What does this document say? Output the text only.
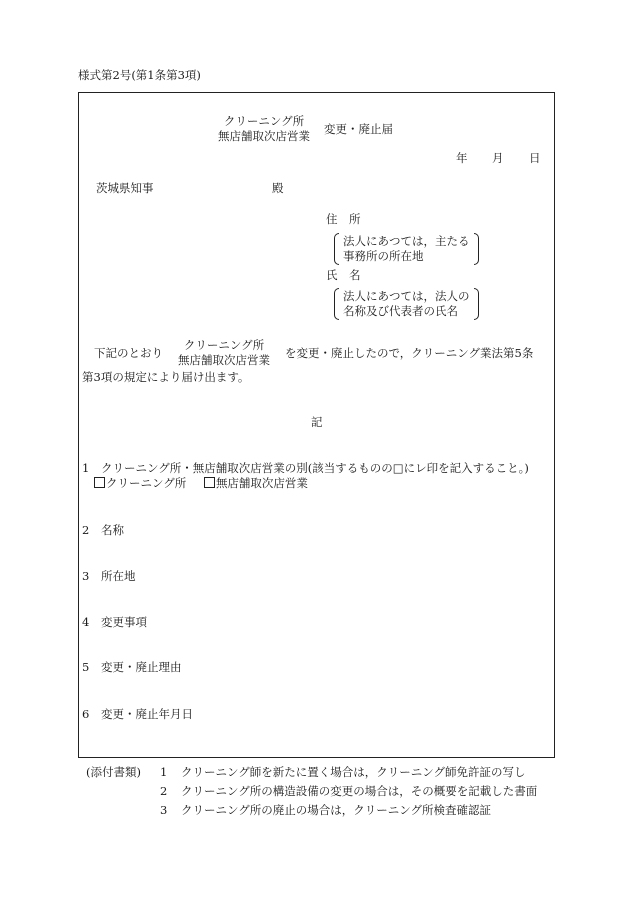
様式第2号(第1条第3項)
クリーニング所
無店舗取次店営業 変更・廃止届
年 月 日
茨城県知事	殿
住　所
法人にあつては，主たる
事務所の所在地
氏　名
法人にあつては，法人の
名称及び代表者の氏名
下記のとおり
クリーニング所
無店舗取次店営業 を変更・廃止したので，クリーニング業法第5条
第3項の規定により届け出ます。
記
1 クリーニング所・無店舗取次店営業の別(該当するものの□にレ印を記入すること。)
クリーニング所	無店舗取次店営業
2 名称
3 所在地
4 変更事項
5 変更・廃止理由
6 変更・廃止年月日
(添付書類) 1 クリーニング師を新たに置く場合は，クリーニング師免許証の写し
2 クリーニング所の構造設備の変更の場合は，その概要を記載した書面
3 クリーニング所の廃止の場合は，クリーニング所検査確認証
